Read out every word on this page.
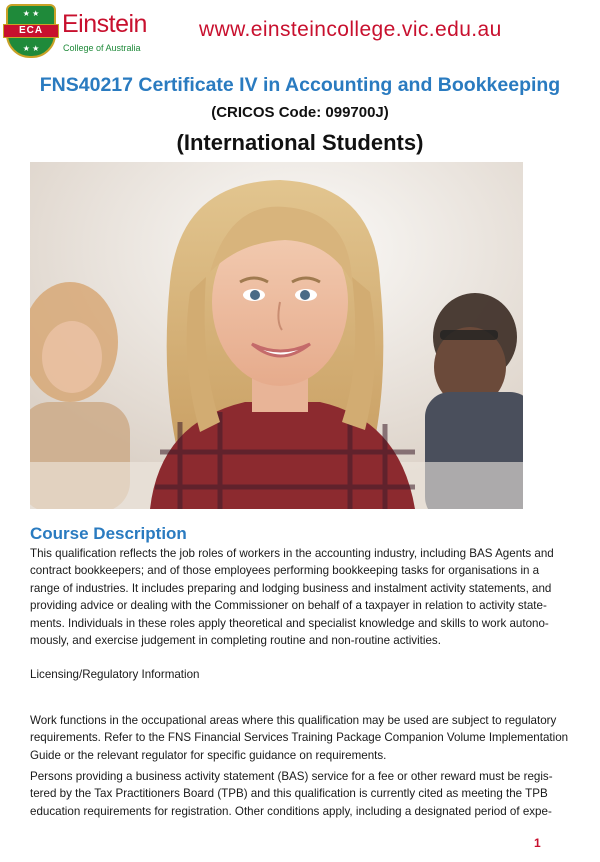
★ ★
★ ★
ECA Einstein
College of Australia
www.einsteincollege.vic.edu.au
FNS40217 Certificate IV in Accounting and Bookkeeping
(CRICOS Code: 099700J)
(International Students)
Course Description
This qualification reflects the job roles of workers in the accounting industry, including BAS Agents and
contract bookkeepers; and of those employees performing bookkeeping tasks for organisations in a
range of industries. It includes preparing and lodging business and instalment activity statements, and
providing advice or dealing with the Commissioner on behalf of a taxpayer in relation to activity state-
ments. Individuals in these roles apply theoretical and specialist knowledge and skills to work autono-
mously, and exercise judgement in completing routine and non-routine activities.
Licensing/Regulatory Information
Work functions in the occupational areas where this qualification may be used are subject to regulatory
requirements. Refer to the FNS Financial Services Training Package Companion Volume Implementation
Guide or the relevant regulator for specific guidance on requirements.
Persons providing a business activity statement (BAS) service for a fee or other reward must be regis-
tered by the Tax Practitioners Board (TPB) and this qualification is currently cited as meeting the TPB
education requirements for registration. Other conditions apply, including a designated period of expe-
1
